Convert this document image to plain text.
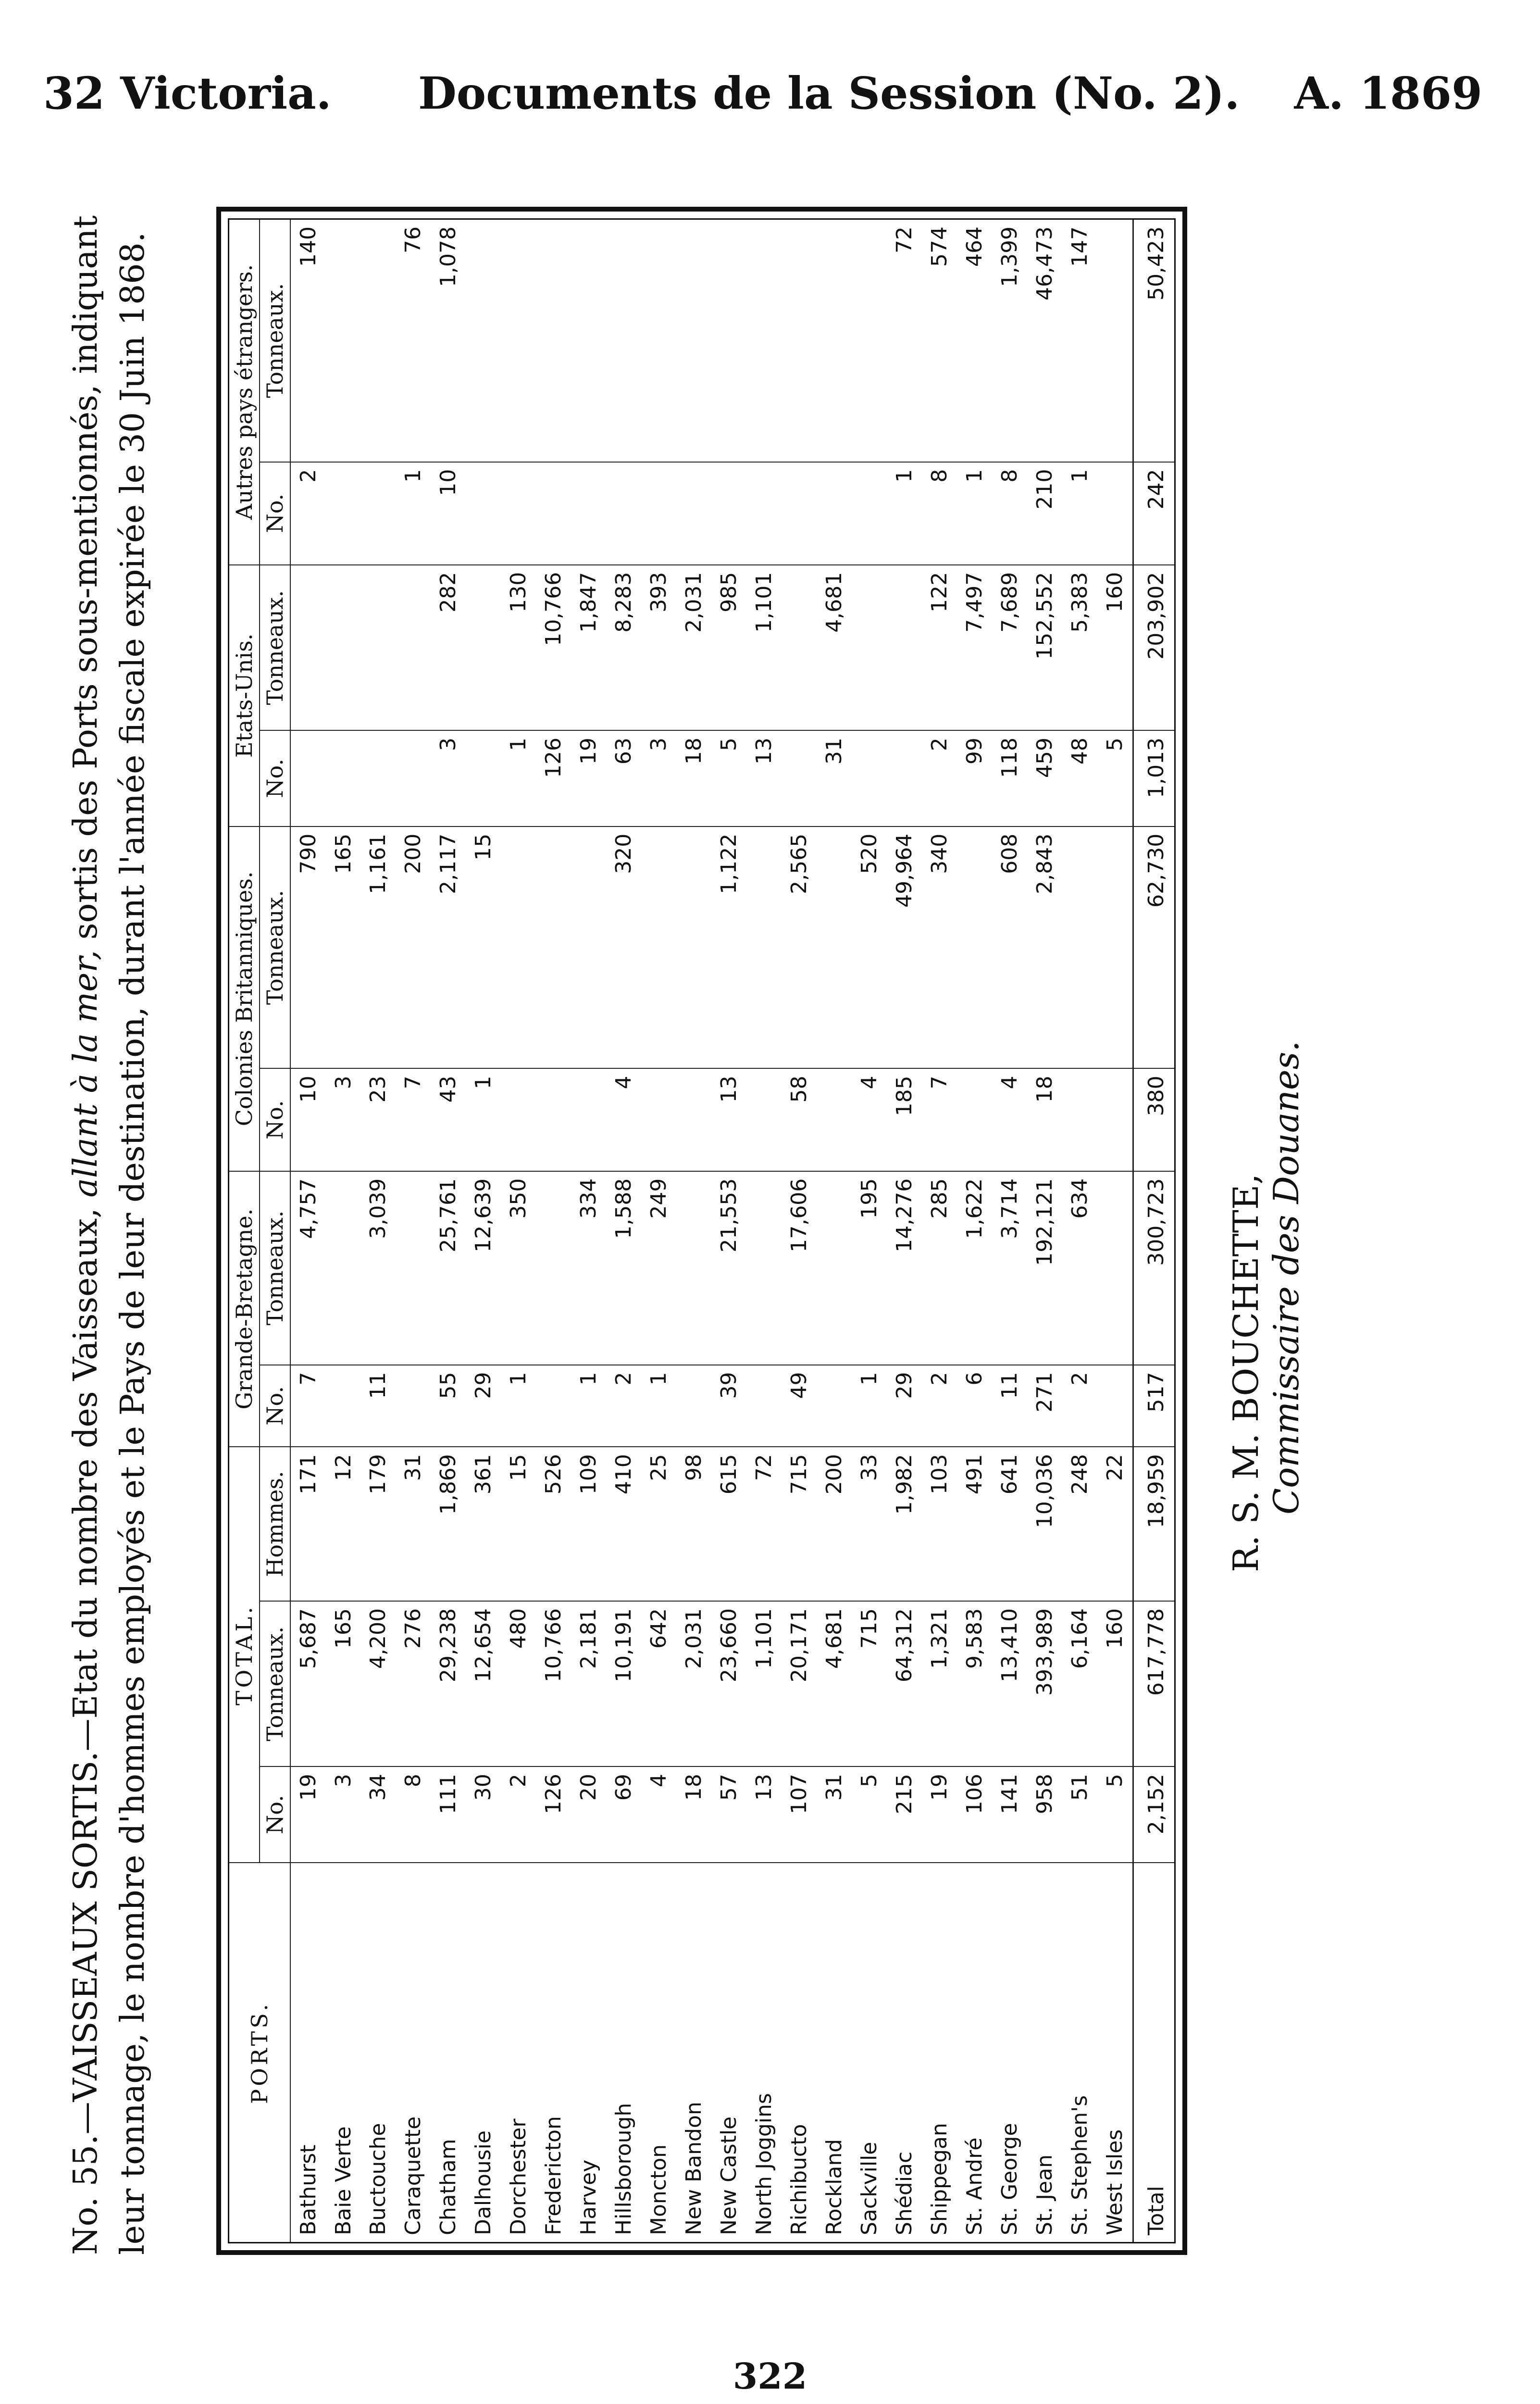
32 Victoria. Documents de la Session (No. 2). A. 1869
No. 55.—VAISSEAUX SORTIS.—Etat du nombre des Vaisseaux, allant à la mer, sortis des Ports sous-mentionnés, indiquant leur tonnage, le nombre d'hommes employés et le Pays de leur destination, durant l'année fiscale expirée le 30 Juin 1868.	PORTS.	TOTAL.			Grande-Bretagne.		Colonies Britanniques.		Etats-Unis.		Autres pays étrangers.	
	No.	Tonneaux.	Hommes.	No.	Tonneaux.	No.	Tonneaux.	No.	Tonneaux.	No.	Tonneaux.
Bathurst	19	5,687	171	7	4,757	10	790			2	140
Baie Verte	3	165	12			3	165				
Buctouche	34	4,200	179	11	3,039	23	1,161				
Caraquette	8	276	31			7	200			1	76
Chatham	111	29,238	1,869	55	25,761	43	2,117	3	282	10	1,078
Dalhousie	30	12,654	361	29	12,639	1	15				
Dorchester	2	480	15	1	350			1	130		
Fredericton	126	10,766	526					126	10,766		
Harvey	20	2,181	109	1	334			19	1,847		
Hillsborough	69	10,191	410	2	1,588	4	320	63	8,283		
Moncton	4	642	25	1	249			3	393		
New Bandon	18	2,031	98					18	2,031		
New Castle	57	23,660	615	39	21,553	13	1,122	5	985		
North Joggins	13	1,101	72					13	1,101		
Richibucto	107	20,171	715	49	17,606	58	2,565				
Rockland	31	4,681	200					31	4,681		
Sackville	5	715	33	1	195	4	520				
Shédiac	215	64,312	1,982	29	14,276	185	49,964			1	72
Shippegan	19	1,321	103	2	285	7	340	2	122	8	574
St. André	106	9,583	491	6	1,622			99	7,497	1	464
St. George	141	13,410	641	11	3,714	4	608	118	7,689	8	1,399
St. Jean	958	393,989	10,036	271	192,121	18	2,843	459	152,552	210	46,473
St. Stephen's	51	6,164	248	2	634			48	5,383	1	147
West Isles	5	160	22					5	160		
Total	2,152	617,778	18,959	517	300,723	380	62,730	1,013	203,902	242	50,423
R. S. M. BOUCHETTE, Commissaire des Douanes.
322
